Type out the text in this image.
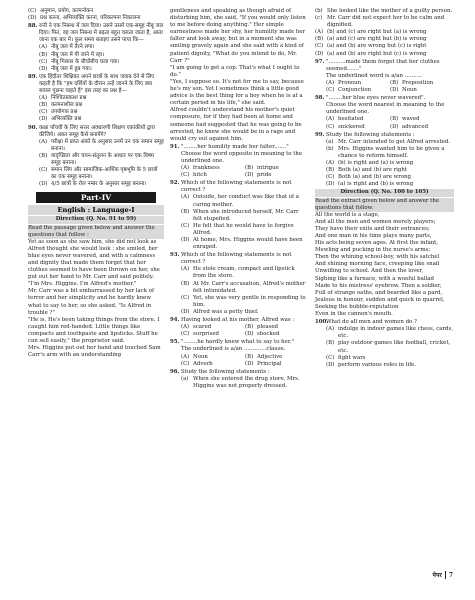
(C) अनुमान, प्रयोग, कल्पनोकन
(D) प्रश्न करना, अभिव्यक्ति करना, परिकल्पना निकालना
88. रानी ने एक निबन्ध में जल दिया। उसने उसमें एक-समूह नीबू जल दिया। फिर, वह जल निबन्ध में बढ़ता बहुत चलता जाता है, आता जाना एक बार में। कुल समय बताइए उसने पाया कि—
(A) नीबू जल में तैरने लगा।
(B) नीबू जल में पी जाने में रहा।
(C) नीबू गिलास के बीचोंबीच चला गया।
(D) नीबू जल में डूब गया।
89. एक हिंदीतर शिक्षिका अपने छात्रों के साथ जवाब देने से लिए कहती है कि "हम दर्शियों के दौरान उन्हें जानने के लिए क्या सवाल पूछना चाहते हैं" इस तरह का प्रश्न है—
(A) निश्चितप्रकाश प्रश्न
(B) कल्पनाशील प्रश्न
(C) उपयोगक प्रश्न
(D) अभिव्यक्ति प्रश्न
90. कक्षा पाँचवीं के लिए सत्तर अवधारणी शिक्षण एकांकीयों द्वारा कीजिये। अकर समूह कैसे बनायेंगे?
(A) परीक्षा में प्राप्त अंकों के अनुसार उनमें उन एक समान समूह बनाना।
(B) यादृच्छिता और चयन-संतुलन के आधार पर एक विषम समूह बनाना।
(C) समान लिंग और सामाजिक-आर्थिक पृष्ठभूमि के 5 छात्रों का एक समूह बनाना।
(D) 4/5 छात्रों के रोल नम्बर के अनुसार समूह बनाना।
Part-IV
English : Language-I
Direction (Q. No. 91 to 99)
Read the passage given below and answer the questions that follow :

Yet as soon as she saw him, she did not look as Alfred thought she would look : she smiled, her blue eyes never wavered, and with a calmness and dignity that made them forget that her clothes seemed to have been thrown on her, she put out her hand to Mr. Carr and said politely. "I'm Mrs. Higgins. I'm Alfred's mother."

Mr. Carr was a bit embarrassed by her lack of terror and her simplicity and he hardly knew what to say to her, so she asked, "Is Alfred in trouble ?"

"He is, He's been taking things from the store. I caught him red-handed. Little things like compacts and toothpaste and lipsticks. Stuff he can sell easily," the proprietor said.

Mrs. Higgins put out her hand and touched Sam Carr's arm with an understanding

gentleness and speaking as though afraid of disturbing him, she said, "If you would only listen to me before doing anything." Her simple earnestness made her shy, her humility made her falter and look away, but in a moment she was smiling gravely again and she said with a kind of patient dignity, "What do you intend to do, Mr. Carr ?"

"I am going to get a cop. That's what I ought to do."

"Yes, I suppose so. It's not for me to say, because he's my son. Yet I sometimes think a little good advice is the best thing for a boy when he is at a certain period in his life," she said.

Alfred couldn't understand his mother's quiet composure, for if they had been at home and someone had suggested that he was going to be arrested, he knew she would be in a rage and would cry out against him.

91. "........her humility made her falter......."

Choose the word opposite in meaning to the underlined one.

(A) frankness	(B) intrigue
(C) hitch	(D) pride
92. Which of the following statements is not correct ?
(A) Outside, her conduct was like that of a caring mother.
(B) When she introduced herself, Mr. Carr felt stupefied.
(C) He felt that he would have to forgive Alfred.
(D) At home, Mrs. Higgins would have been enraged.
93. Which of the following statements is not correct ?
(A) He stole cream, compact and lipstick from the store.
(B) At Mr. Carr's accusation, Alfred's mother felt intimidated.
(C) Yet, she was very gentle in responding to him.
(D) Alfred was a petty thief.
94. Having looked at his mother, Alfred was :
(A) scared	(B) pleased
(C) surprised	(D) shocked
95. "........he hardly knew what to say to her."

The underlined is a/an .............clause.

(A) Noun	(B) Adjective
(C) Adverb	(D) Principal
96. Study the following statements :
(a) When she entered the drug store, Mrs. Higgins was not properly dressed.
(b) She looked like the mother of a guilty person.
(c) Mr. Carr did not expect her to be calm and dignified.
(A) (b) and (c) are right but (a) is wrong
(B) (a) and (c) are right but (b) is wrong
(C) (a) and (b) are wrong but (c) is right
(D) (a) and (b) are right but (c) is wrong
97. "..........made them forget that her clothes seemed......."

The underlined word is a/an ..........

(A) Pronoun	(B) Preposition
(C) Conjunction	(D) Noun
98. "........her blue eyes never wavered".

Choose the word nearest in meaning to the underlined one.

(A) hesitated	(B) waved
(C) snickered	(D) advanced
99. Study the following statements :
(a) Mr. Carr intended to get Alfred arrested.
(b) Mrs. Higgins wanted him to be given a chance to reform himself.
(A) (b) is right and (a) is wrong
(B) Both (a) and (b) are right
(C) Both (a) and (b) are wrong
(D) (a) is right and (b) is wrong
Direction (Q. No. 100 to 105)
Read the extract given below and answer the questions that follow.

All the world is a stage,

And all the men and women merely players;

They have their exits and their entrances;

And one man in his time plays many parts,

His acts being seven ages. At first the infant,

Mewling and pucking in the nurse's arms;

Then the whining school-boy, with his satchel

And shining morning face, creeping like snail

Unwilling to school. And then the lover,

Sighing like a furnace, with a woeful ballad

Made to his mistress' eyebrow. Then a soldier,

Full of strange oaths, and bearded like a pard,

Jealous in honour, sudden and quick in quarrel,

Seeking the bubble-reputation

Even in the cannon's mouth.

100.
What do all men and women do ?
(A) indulge in indoor games like chess, cards, etc.
(B) play outdoor games like football, cricket, etc.
(C) fight wars
(D) perform various roles in life.
पेपर 7
